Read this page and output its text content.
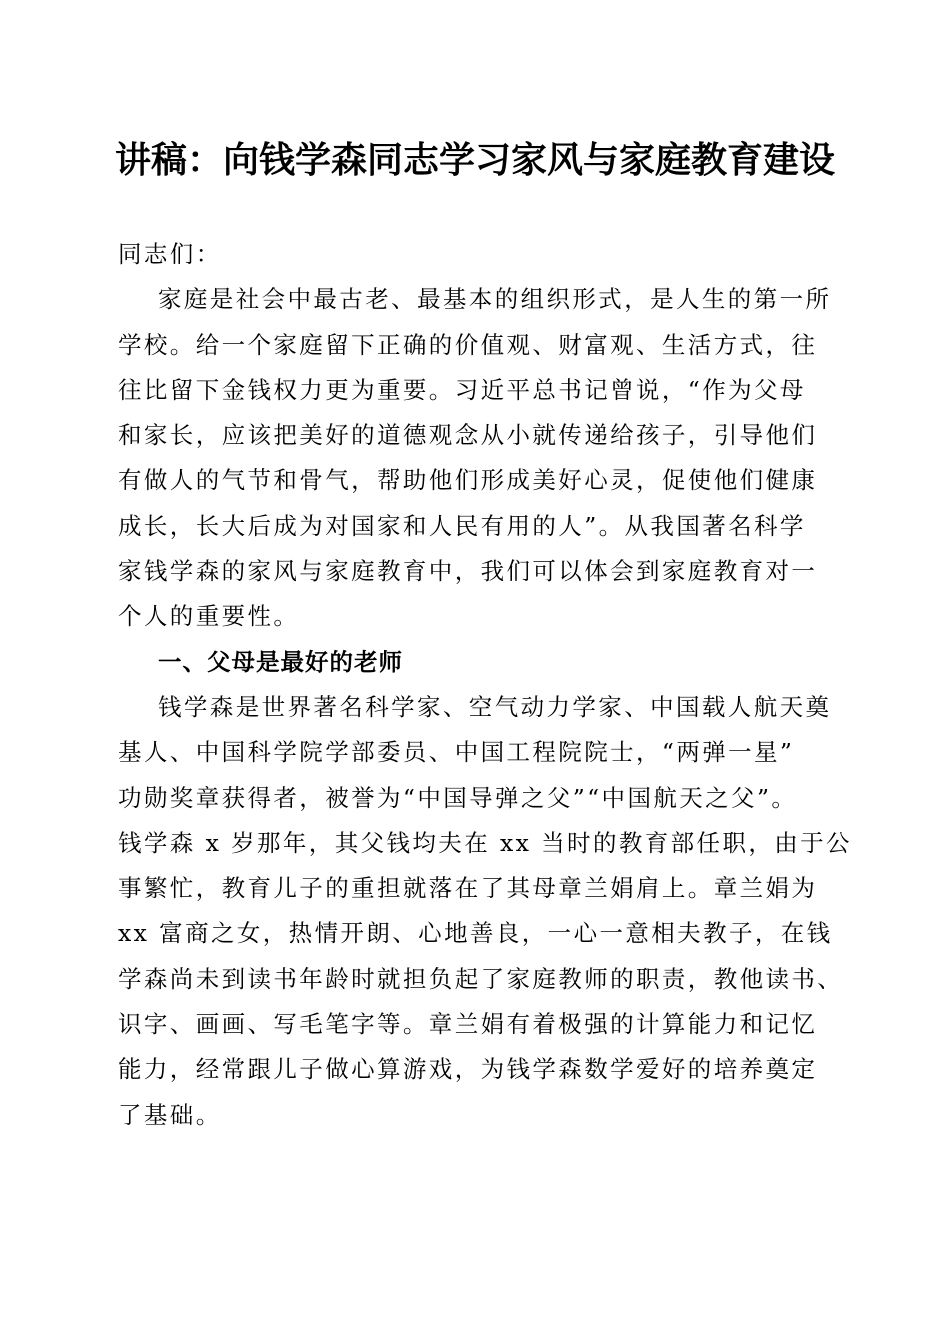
讲稿：向钱学森同志学习家风与家庭教育建设
同志们：
家庭是社会中最古老、最基本的组织形式，是人生的第一所
学校。给一个家庭留下正确的价值观、财富观、生活方式，往
往比留下金钱权力更为重要。习近平总书记曾说，“作为父母
和家长，应该把美好的道德观念从小就传递给孩子，引导他们
有做人的气节和骨气，帮助他们形成美好心灵，促使他们健康
成长，长大后成为对国家和人民有用的人”。从我国著名科学
家钱学森的家风与家庭教育中，我们可以体会到家庭教育对一
个人的重要性。
一、父母是最好的老师
钱学森是世界著名科学家、空气动力学家、中国载人航天奠
基人、中国科学院学部委员、中国工程院院士，“两弹一星”
功勋奖章获得者，被誉为“中国导弹之父”“中国航天之父”。
钱学森 x 岁那年，其父钱均夫在 xx 当时的教育部任职，由于公
事繁忙，教育儿子的重担就落在了其母章兰娟肩上。章兰娟为
xx 富商之女，热情开朗、心地善良，一心一意相夫教子，在钱
学森尚未到读书年龄时就担负起了家庭教师的职责，教他读书、
识字、画画、写毛笔字等。章兰娟有着极强的计算能力和记忆
能力，经常跟儿子做心算游戏，为钱学森数学爱好的培养奠定
了基础。
